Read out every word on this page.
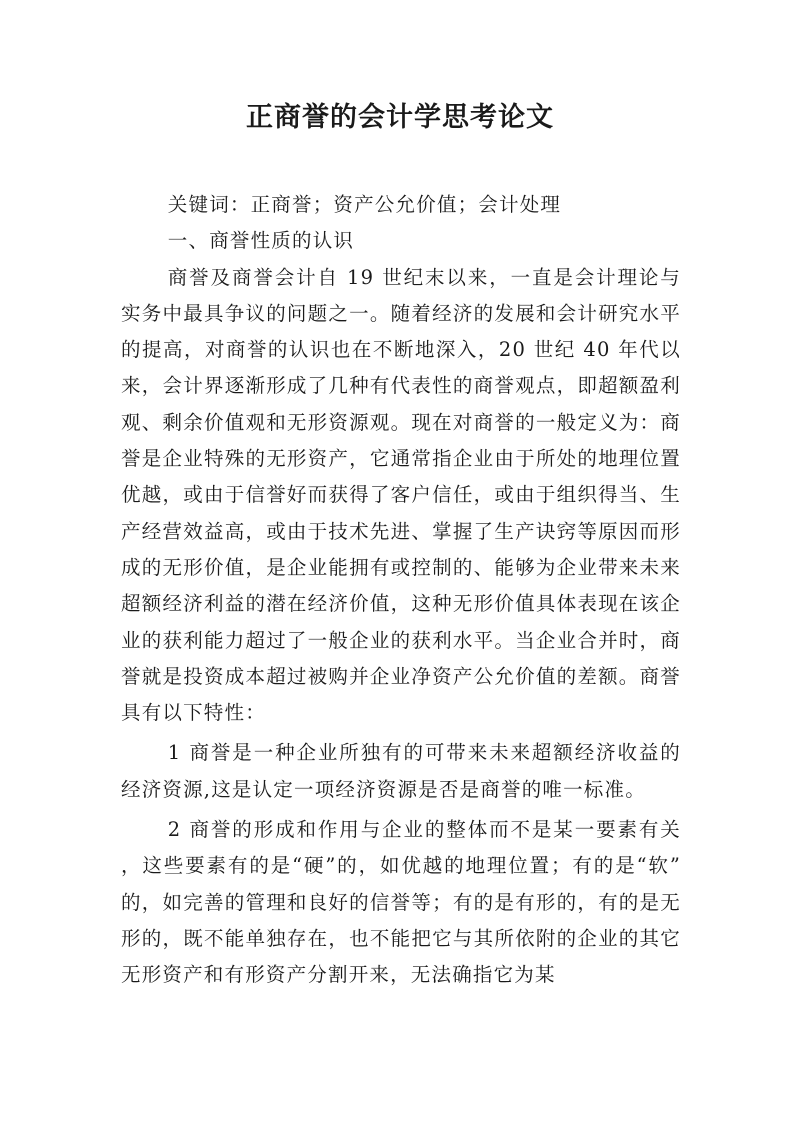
正商誉的会计学思考论文

关键词：正商誉；资产公允价值；会计处理

一、商誉性质的认识

商誉及商誉会计自 19 世纪末以来，一直是会计理论与实务中最具争议的问题之一。随着经济的发展和会计研究水平的提高，对商誉的认识也在不断地深入，20 世纪 40 年代以来，会计界逐渐形成了几种有代表性的商誉观点，即超额盈利观、剩余价值观和无形资源观。现在对商誉的一般定义为：商誉是企业特殊的无形资产，它通常指企业由于所处的地理位置优越，或由于信誉好而获得了客户信任，或由于组织得当、生产经营效益高，或由于技术先进、掌握了生产诀窍等原因而形成的无形价值，是企业能拥有或控制的、能够为企业带来未来超额经济利益的潜在经济价值，这种无形价值具体表现在该企业的获利能力超过了一般企业的获利水平。当企业合并时，商誉就是投资成本超过被购并企业净资产公允价值的差额。商誉具有以下特性：

1 商誉是一种企业所独有的可带来未来超额经济收益的经济资源,这是认定一项经济资源是否是商誉的唯一标准。

2 商誉的形成和作用与企业的整体而不是某一要素有关，这些要素有的是“硬”的，如优越的地理位置；有的是“软”的，如完善的管理和良好的信誉等；有的是有形的，有的是无形的，既不能单独存在，也不能把它与其所依附的企业的其它无形资产和有形资产分割开来，无法确指它为某
